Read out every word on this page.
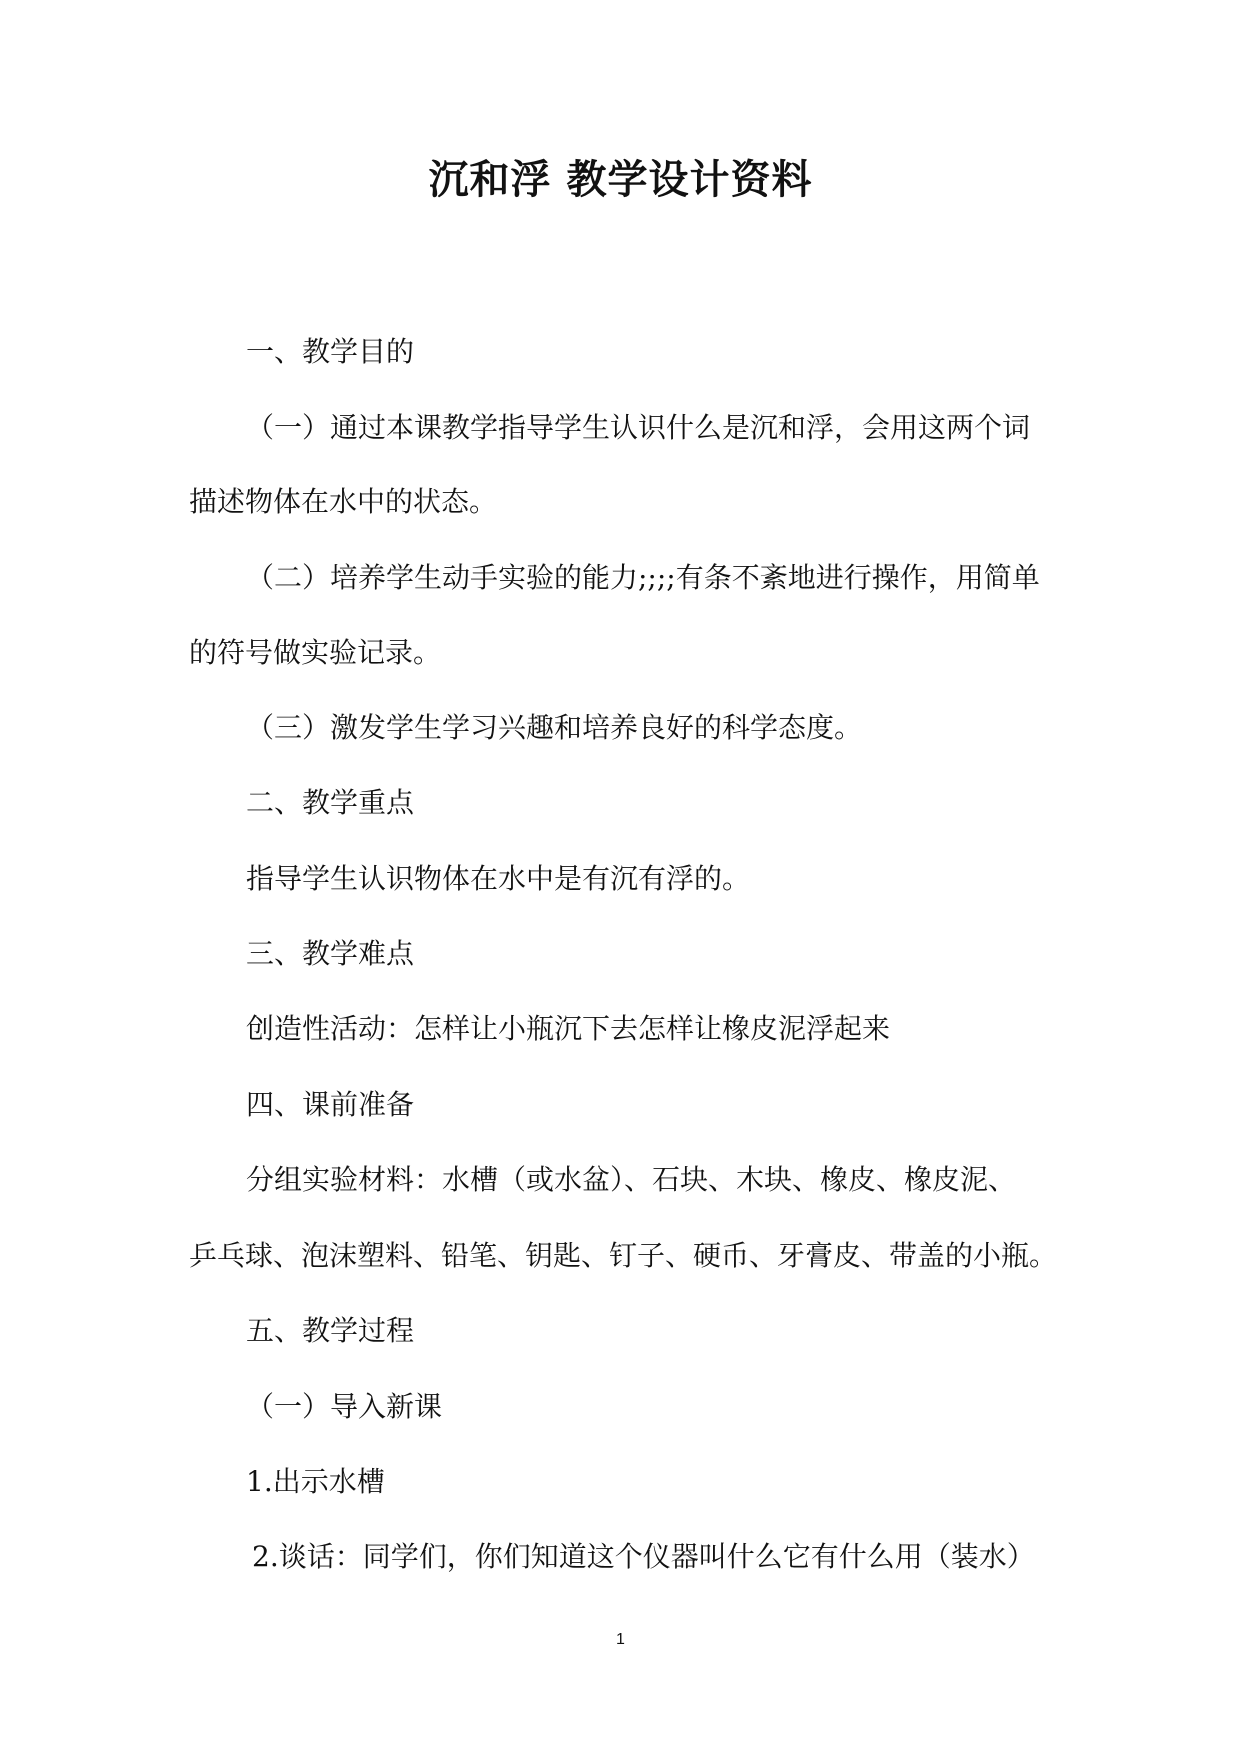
沉和浮 教学设计资料
一、教学目的
（一）通过本课教学指导学生认识什么是沉和浮，会用这两个词
描述物体在水中的状态。
（二）培养学生动手实验的能力;;;;有条不紊地进行操作，用简单
的符号做实验记录。
（三）激发学生学习兴趣和培养良好的科学态度。
二、教学重点
指导学生认识物体在水中是有沉有浮的。
三、教学难点
创造性活动：怎样让小瓶沉下去怎样让橡皮泥浮起来
四、课前准备
分组实验材料：水槽（或水盆）、石块、木块、橡皮、橡皮泥、
乒乓球、泡沫塑料、铅笔、钥匙、钉子、硬币、牙膏皮、带盖的小瓶。
五、教学过程
（一）导入新课
1.出示水槽
2.谈话：同学们，你们知道这个仪器叫什么它有什么用（装水）
1
